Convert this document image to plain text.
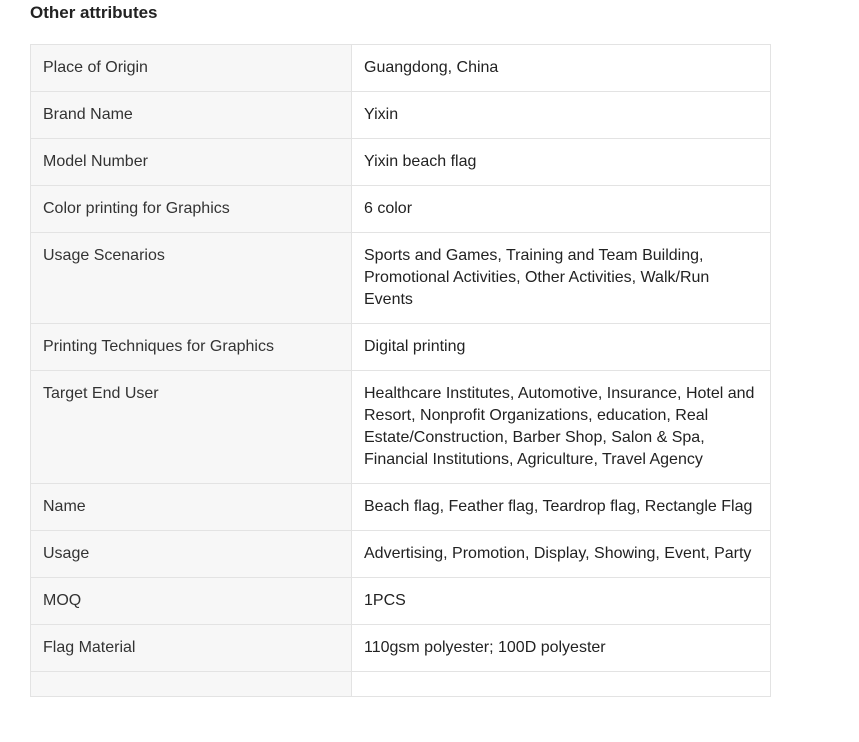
Other attributes
Place of Origin	Guangdong, China
Brand Name	Yixin
Model Number	Yixin beach flag
Color printing for Graphics	6 color
Usage Scenarios	Sports and Games, Training and Team Building, Promotional Activities, Other Activities, Walk/Run Events
Printing Techniques for Graphics	Digital printing
Target End User	Healthcare Institutes, Automotive, Insurance, Hotel and Resort, Nonprofit Organizations, education, Real Estate/Construction, Barber Shop, Salon & Spa, Financial Institutions, Agriculture, Travel Agency
Name	Beach flag, Feather flag, Teardrop flag, Rectangle Flag
Usage	Advertising, Promotion, Display, Showing, Event, Party
MOQ	1PCS
Flag Material	110gsm polyester; 100D polyester
